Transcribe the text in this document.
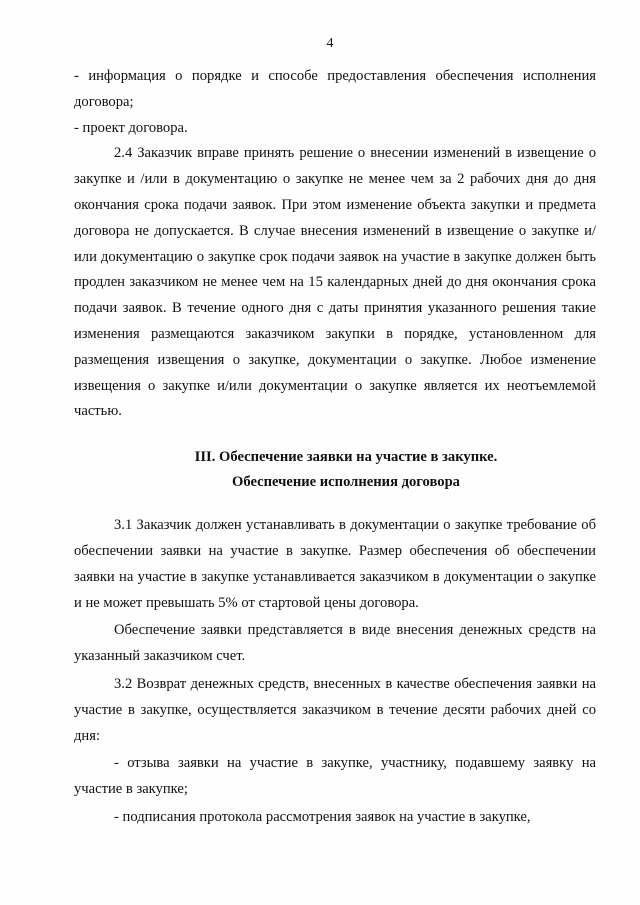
4

- информация о порядке и способе предоставления обеспечения исполнения договора;

- проект договора.

2.4 Заказчик вправе принять решение о внесении изменений в извещение о закупке и /или в документацию о закупке не менее чем за 2 рабочих дня до дня окончания срока подачи заявок. При этом изменение объекта закупки и предмета договора не допускается. В случае внесения изменений в извещение о закупке и/или документацию о закупке срок подачи заявок на участие в закупке должен быть продлен заказчиком не менее чем на 15 календарных дней до дня окончания срока подачи заявок. В течение одного дня с даты принятия указанного решения такие изменения размещаются заказчиком закупки в порядке, установленном для размещения извещения о закупке, документации о закупке. Любое изменение извещения о закупке и/или документации о закупке является их неотъемлемой частью.

III. Обеспечение заявки на участие в закупке.
Обеспечение исполнения договора

3.1 Заказчик должен устанавливать в документации о закупке требование об обеспечении заявки на участие в закупке. Размер обеспечения об обеспечении заявки на участие в закупке устанавливается заказчиком в документации о закупке и не может превышать 5% от стартовой цены договора.

Обеспечение заявки представляется в виде внесения денежных средств на указанный заказчиком счет.

3.2 Возврат денежных средств, внесенных в качестве обеспечения заявки на участие в закупке, осуществляется заказчиком в течение десяти рабочих дней со дня:

- отзыва заявки на участие в закупке, участнику, подавшему заявку на участие в закупке;

- подписания протокола рассмотрения заявок на участие в закупке,
